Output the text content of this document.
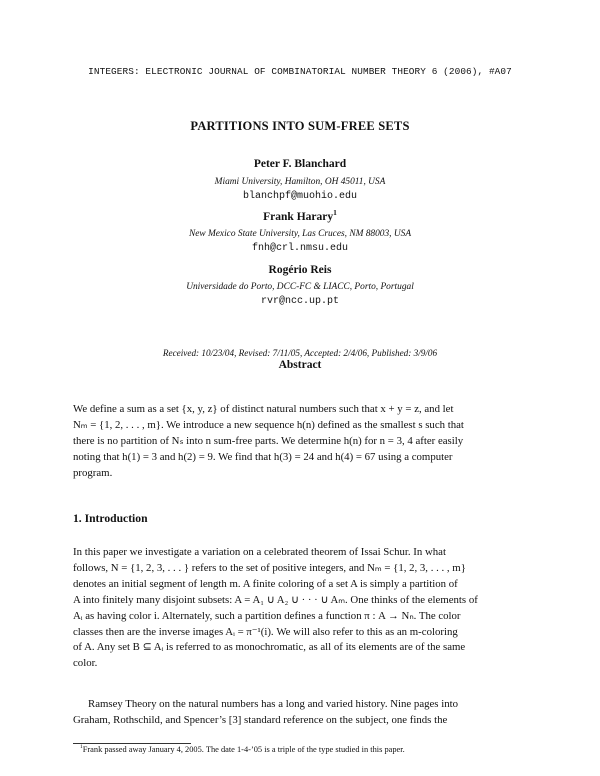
INTEGERS: ELECTRONIC JOURNAL OF COMBINATORIAL NUMBER THEORY 6 (2006), #A07
PARTITIONS INTO SUM-FREE SETS
Peter F. Blanchard
Miami University, Hamilton, OH 45011, USA
blanchpf@muohio.edu
Frank Harary$^1$
New Mexico State University, Las Cruces, NM 88003, USA
fnh@crl.nmsu.edu
Rogério Reis
Universidade do Porto, DCC-FC & LIACC, Porto, Portugal
rvr@ncc.up.pt
Received: 10/23/04, Revised: 7/11/05, Accepted: 2/4/06, Published: 3/9/06
Abstract
We define a sum as a set {x, y, z} of distinct natural numbers such that x + y = z, and let
Nₘ = {1, 2, . . . , m}. We introduce a new sequence h(n) defined as the smallest s such that
there is no partition of Nₛ into n sum-free parts. We determine h(n) for n = 3, 4 after easily
noting that h(1) = 3 and h(2) = 9. We find that h(3) = 24 and h(4) = 67 using a computer
program.
1. Introduction
In this paper we investigate a variation on a celebrated theorem of Issai Schur. In what
follows, N = {1, 2, 3, . . . } refers to the set of positive integers, and Nₘ = {1, 2, 3, . . . , m}
denotes an initial segment of length m. A finite coloring of a set A is simply a partition of
A into finitely many disjoint subsets: A = A₁ ∪ A₂ ∪ · · · ∪ Aₘ. One thinks of the elements of
Aᵢ as having color i. Alternately, such a partition defines a function π : A → Nₙ. The color
classes then are the inverse images Aᵢ = π⁻¹(i). We will also refer to this as an m-coloring
of A. Any set B ⊆ Aᵢ is referred to as monochromatic, as all of its elements are of the same
color.
Ramsey Theory on the natural numbers has a long and varied history. Nine pages into
Graham, Rothschild, and Spencer’s [3] standard reference on the subject, one finds the
$^1$Frank passed away January 4, 2005. The date 1-4-’05 is a triple of the type studied in this paper.
